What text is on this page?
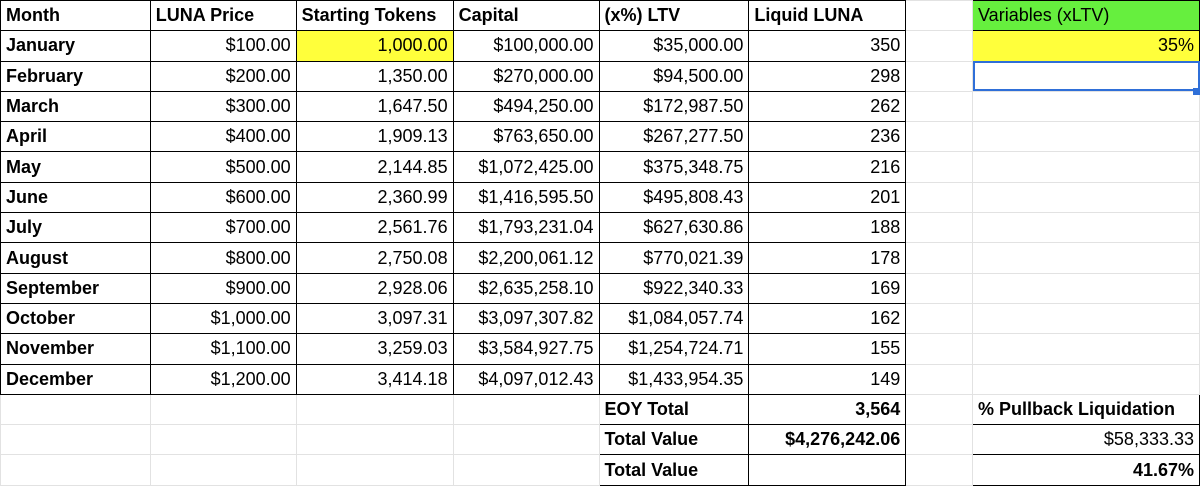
Month	LUNA Price	Starting Tokens	Capital	(x%) LTV	Liquid LUNA		Variables (xLTV)
January	$100.00	1,000.00	$100,000.00	$35,000.00	350		35%
February	$200.00	1,350.00	$270,000.00	$94,500.00	298		
March	$300.00	1,647.50	$494,250.00	$172,987.50	262		
April	$400.00	1,909.13	$763,650.00	$267,277.50	236		
May	$500.00	2,144.85	$1,072,425.00	$375,348.75	216		
June	$600.00	2,360.99	$1,416,595.50	$495,808.43	201		
July	$700.00	2,561.76	$1,793,231.04	$627,630.86	188		
August	$800.00	2,750.08	$2,200,061.12	$770,021.39	178		
September	$900.00	2,928.06	$2,635,258.10	$922,340.33	169		
October	$1,000.00	3,097.31	$3,097,307.82	$1,084,057.74	162		
November	$1,100.00	3,259.03	$3,584,927.75	$1,254,724.71	155		
December	$1,200.00	3,414.18	$4,097,012.43	$1,433,954.35	149		
				EOY Total	3,564		% Pullback Liquidation
				Total Value	$4,276,242.06		$58,333.33
				Total Value			41.67%
